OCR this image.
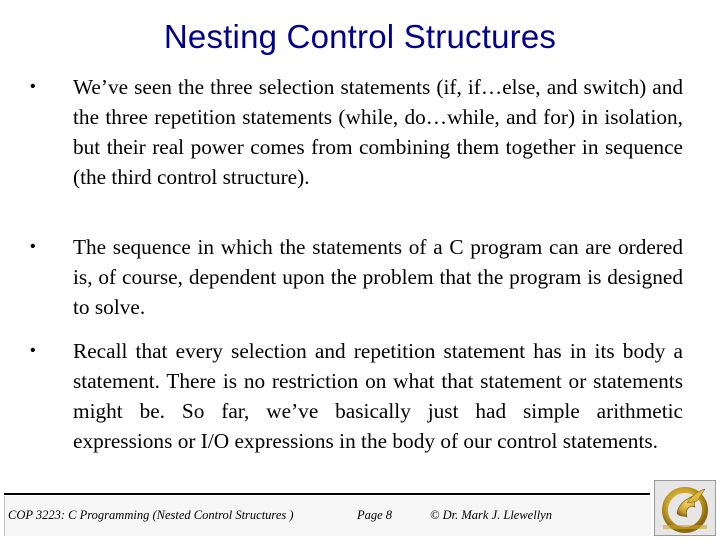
Nesting Control Structures
• We’ve seen the three selection statements (if, if…else, and switch) and the three repetition statements (while, do…while, and for) in isolation, but their real power comes from combining them together in sequence (the third control structure).
• The sequence in which the statements of a C program can are ordered is, of course, dependent upon the problem that the program is designed to solve.
• Recall that every selection and repetition statement has in its body a statement. There is no restriction on what that statement or statements might be. So far, we’ve basically just had simple arithmetic expressions or I/O expressions in the body of our control statements.
COP 3223: C Programming (Nested Control Structures )	Page 8	© Dr. Mark J. Llewellyn
